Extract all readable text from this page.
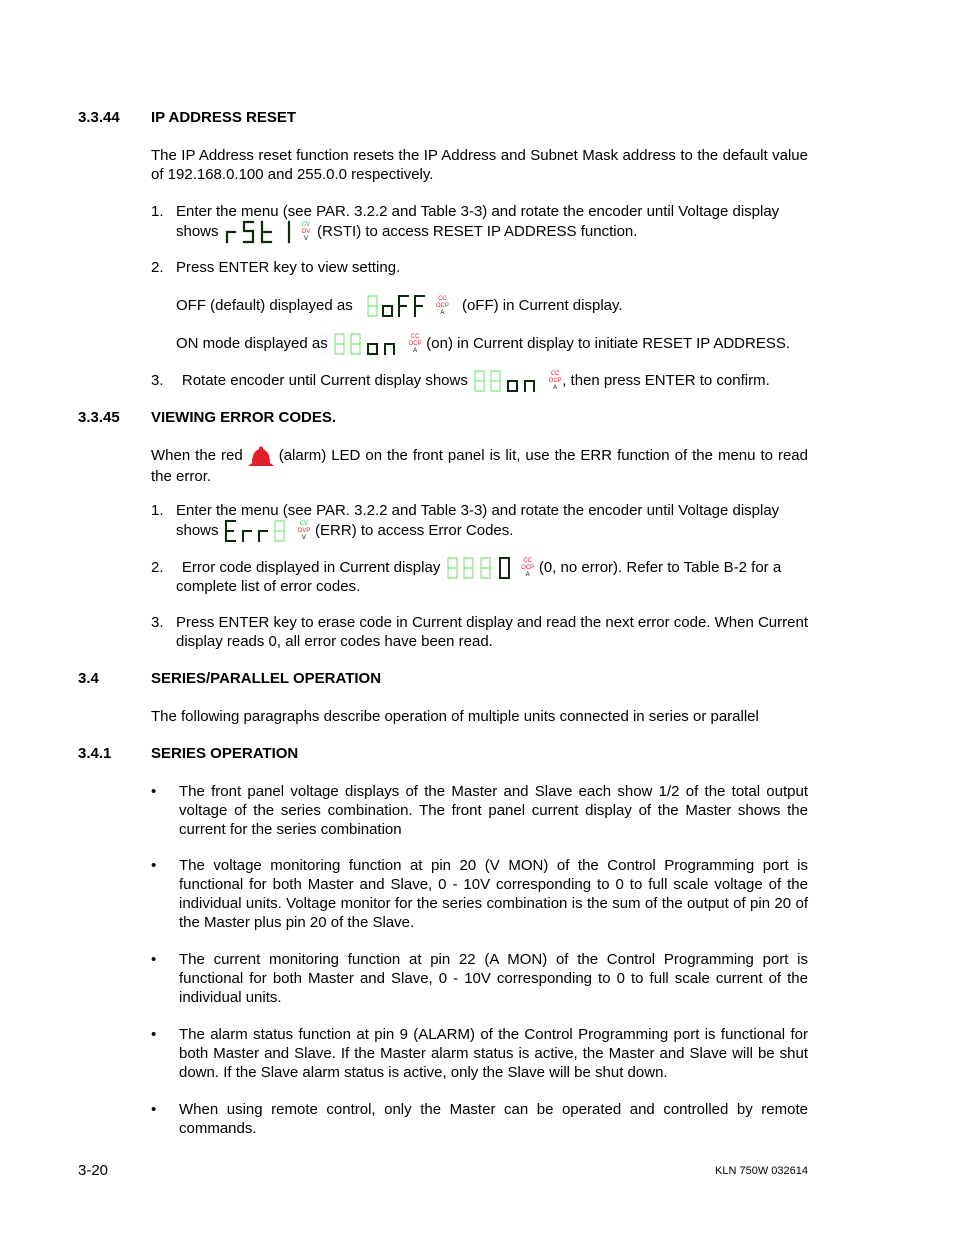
3.3.44 IP ADDRESS RESET
The IP Address reset function resets the IP Address and Subnet Mask address to the default value of 192.168.0.100 and 255.0.0 respectively.
1. Enter the menu (see PAR. 3.2.2 and Table 3-3) and rotate the encoder until Voltage display
shows	CV
OV
V (RSTI) to access RESET IP ADDRESS function.
2. Press ENTER key to view setting.
OFF (default) displayed as	CC
OCP
A (oFF) in Current display.
ON mode displayed as	CC
OCP
A (on) in Current display to initiate RESET IP ADDRESS.
3. Rotate encoder until Current display shows	CC
OCP
A , then press ENTER to confirm.
3.3.45 VIEWING ERROR CODES.
When the red (alarm) LED on the front panel is lit, use the ERR function of the menu to read the error.
1. Enter the menu (see PAR. 3.2.2 and Table 3-3) and rotate the encoder until Voltage display
shows	CV
OVP
V (ERR) to access Error Codes.
2. Error code displayed in Current display	CC
OCP
A (0, no error). Refer to Table B-2 for a
complete list of error codes.
3. Press ENTER key to erase code in Current display and read the next error code. When Current display reads 0, all error codes have been read.
3.4	SERIES/PARALLEL OPERATION
The following paragraphs describe operation of multiple units connected in series or parallel
3.4.1	SERIES OPERATION
• The front panel voltage displays of the Master and Slave each show 1/2 of the total output voltage of the series combination. The front panel current display of the Master shows the current for the series combination
• The voltage monitoring function at pin 20 (V MON) of the Control Programming port is functional for both Master and Slave, 0 - 10V corresponding to 0 to full scale voltage of the individual units. Voltage monitor for the series combination is the sum of the output of pin 20 of the Master plus pin 20 of the Slave.
• The current monitoring function at pin 22 (A MON) of the Control Programming port is functional for both Master and Slave, 0 - 10V corresponding to 0 to full scale current of the individual units.
• The alarm status function at pin 9 (ALARM) of the Control Programming port is functional for both Master and Slave. If the Master alarm status is active, the Master and Slave will be shut down. If the Slave alarm status is active, only the Slave will be shut down.
• When using remote control, only the Master can be operated and controlled by remote commands.
3-20	KLN 750W 032614
